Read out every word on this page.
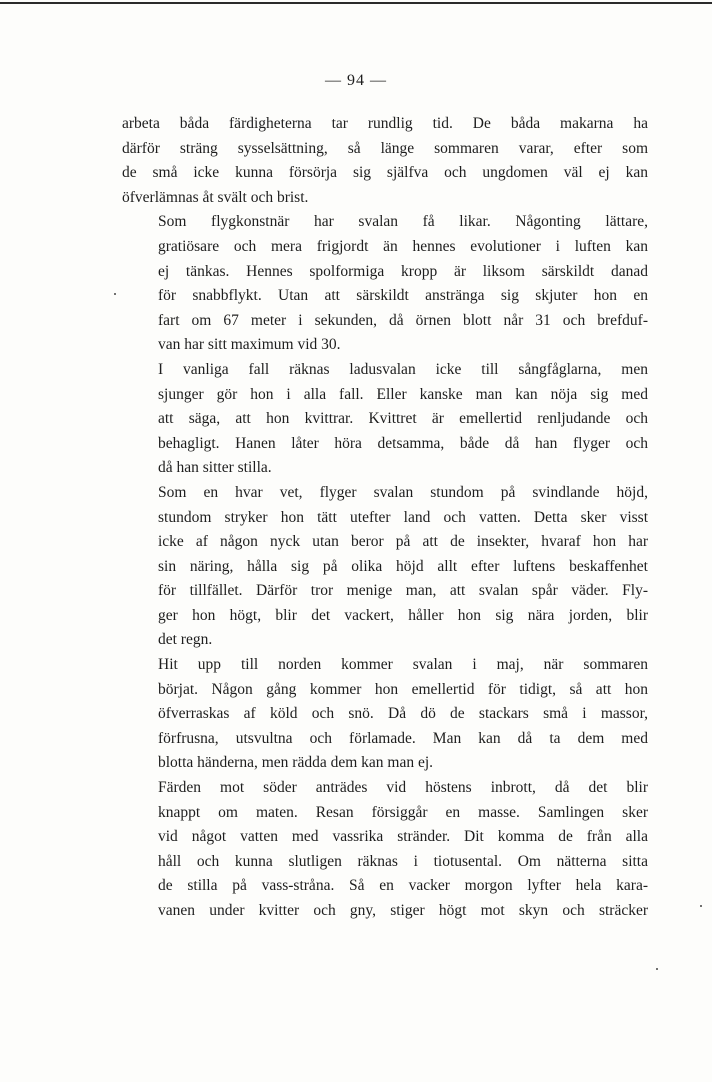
— 94 —

arbeta båda färdigheterna tar rundlig tid. De båda makarna ha
därför sträng sysselsättning, så länge sommaren varar, efter som
de små icke kunna försörja sig själfva och ungdomen väl ej kan
öfverlämnas åt svält och brist.

Som flygkonstnär har svalan få likar. Någonting lättare,
gratiösare och mera frigjordt än hennes evolutioner i luften kan
ej tänkas. Hennes spolformiga kropp är liksom särskildt danad
för snabbflykt. Utan att särskildt anstränga sig skjuter hon en
fart om 67 meter i sekunden, då örnen blott når 31 och brefduf-
van har sitt maximum vid 30.

I vanliga fall räknas ladusvalan icke till sångfåglarna, men
sjunger gör hon i alla fall. Eller kanske man kan nöja sig med
att säga, att hon kvittrar. Kvittret är emellertid renljudande och
behagligt. Hanen låter höra detsamma, både då han flyger och
då han sitter stilla.

Som en hvar vet, flyger svalan stundom på svindlande höjd,
stundom stryker hon tätt utefter land och vatten. Detta sker visst
icke af någon nyck utan beror på att de insekter, hvaraf hon har
sin näring, hålla sig på olika höjd allt efter luftens beskaffenhet
för tillfället. Därför tror menige man, att svalan spår väder. Fly-
ger hon högt, blir det vackert, håller hon sig nära jorden, blir
det regn.

Hit upp till norden kommer svalan i maj, när sommaren
börjat. Någon gång kommer hon emellertid för tidigt, så att hon
öfverraskas af köld och snö. Då dö de stackars små i massor,
förfrusna, utsvultna och förlamade. Man kan då ta dem med
blotta händerna, men rädda dem kan man ej.

Färden mot söder anträdes vid höstens inbrott, då det blir
knappt om maten. Resan försiggår en masse. Samlingen sker
vid något vatten med vassrika stränder. Dit komma de från alla
håll och kunna slutligen räknas i tiotusental. Om nätterna sitta
de stilla på vass-stråna. Så en vacker morgon lyfter hela kara-
vanen under kvitter och gny, stiger högt mot skyn och sträcker
